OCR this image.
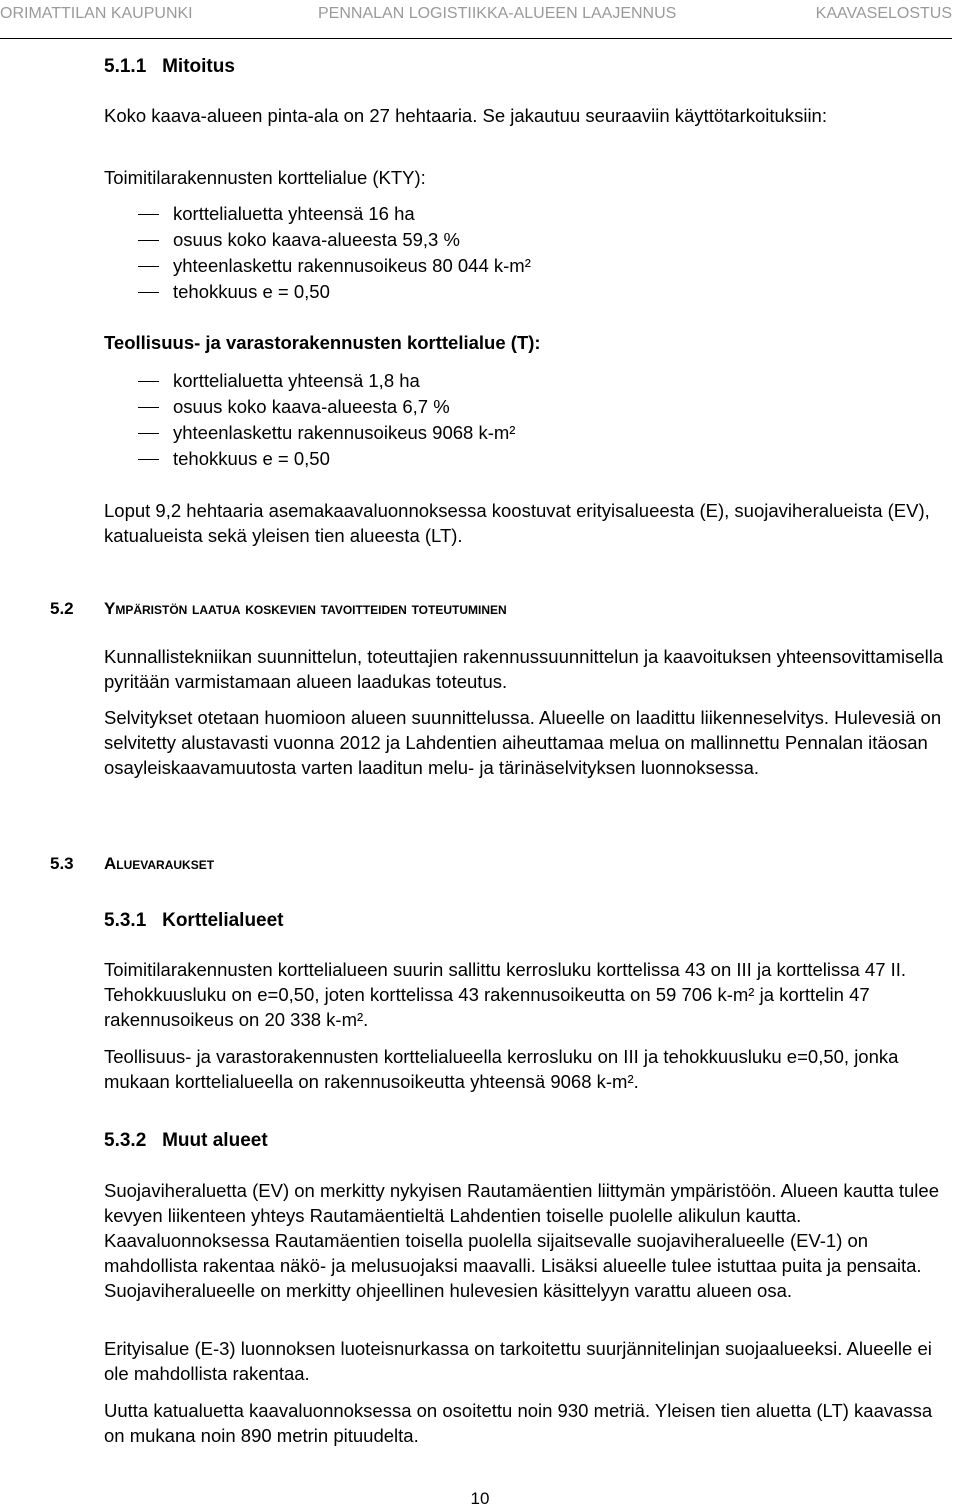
ORIMATTILAN KAUPUNKI	PENNALAN LOGISTIIKKA-ALUEEN LAAJENNUS	KAAVASELOSTUS
5.1.1   Mitoitus

Koko kaava-alueen pinta-ala on 27 hehtaaria. Se jakautuu seuraaviin käyttötarkoituksiin:

Toimitilarakennusten korttelialue (KTY):

korttelialuetta yhteensä 16 ha
osuus koko kaava-alueesta 59,3 %
yhteenlaskettu rakennusoikeus 80 044 k-m²
tehokkuus e = 0,50

Teollisuus- ja varastorakennusten korttelialue (T):

korttelialuetta yhteensä 1,8 ha
osuus koko kaava-alueesta 6,7 %
yhteenlaskettu rakennusoikeus 9068 k-m²
tehokkuus e = 0,50

Loput 9,2 hehtaaria asemakaavaluonnoksessa koostuvat erityisalueesta (E), suojaviheralueista (EV), katualueista sekä yleisen tien alueesta (LT).

5.2 Ympäristön laatua koskevien tavoitteiden toteutuminen

Kunnallistekniikan suunnittelun, toteuttajien rakennussuunnittelun ja kaavoituksen yhteensovittamisella pyritään varmistamaan alueen laadukas toteutus.

Selvitykset otetaan huomioon alueen suunnittelussa. Alueelle on laadittu liikenneselvitys. Hulevesiä on selvitetty alustavasti vuonna 2012 ja Lahdentien aiheuttamaa melua on mallinnettu Pennalan itäosan osayleiskaavamuutosta varten laaditun melu- ja tärinäselvityksen luonnoksessa.

5.3 Aluevaraukset
5.3.1   Korttelialueet

Toimitilarakennusten korttelialueen suurin sallittu kerrosluku korttelissa 43 on III ja korttelissa 47 II. Tehokkuusluku on e=0,50, joten korttelissa 43 rakennusoikeutta on 59 706 k-m² ja korttelin 47 rakennusoikeus on 20 338 k-m².

Teollisuus- ja varastorakennusten korttelialueella kerrosluku on III ja tehokkuusluku e=0,50, jonka mukaan korttelialueella on rakennusoikeutta yhteensä 9068 k-m².

5.3.2   Muut alueet

Suojaviheraluetta (EV) on merkitty nykyisen Rautamäentien liittymän ympäristöön. Alueen kautta tulee kevyen liikenteen yhteys Rautamäentieltä Lahdentien toiselle puolelle alikulun kautta. Kaavaluonnoksessa Rautamäentien toisella puolella sijaitsevalle suojaviheralueelle (EV-1) on mahdollista rakentaa näkö- ja melusuojaksi maavalli. Lisäksi alueelle tulee istuttaa puita ja pensaita. Suojaviheralueelle on merkitty ohjeellinen hulevesien käsittelyyn varattu alueen osa.

Erityisalue (E-3) luonnoksen luoteisnurkassa on tarkoitettu suurjännitelinjan suojaalueeksi. Alueelle ei ole mahdollista rakentaa.

Uutta katualuetta kaavaluonnoksessa on osoitettu noin 930 metriä. Yleisen tien aluetta (LT) kaavassa on mukana noin 890 metrin pituudelta.

10
